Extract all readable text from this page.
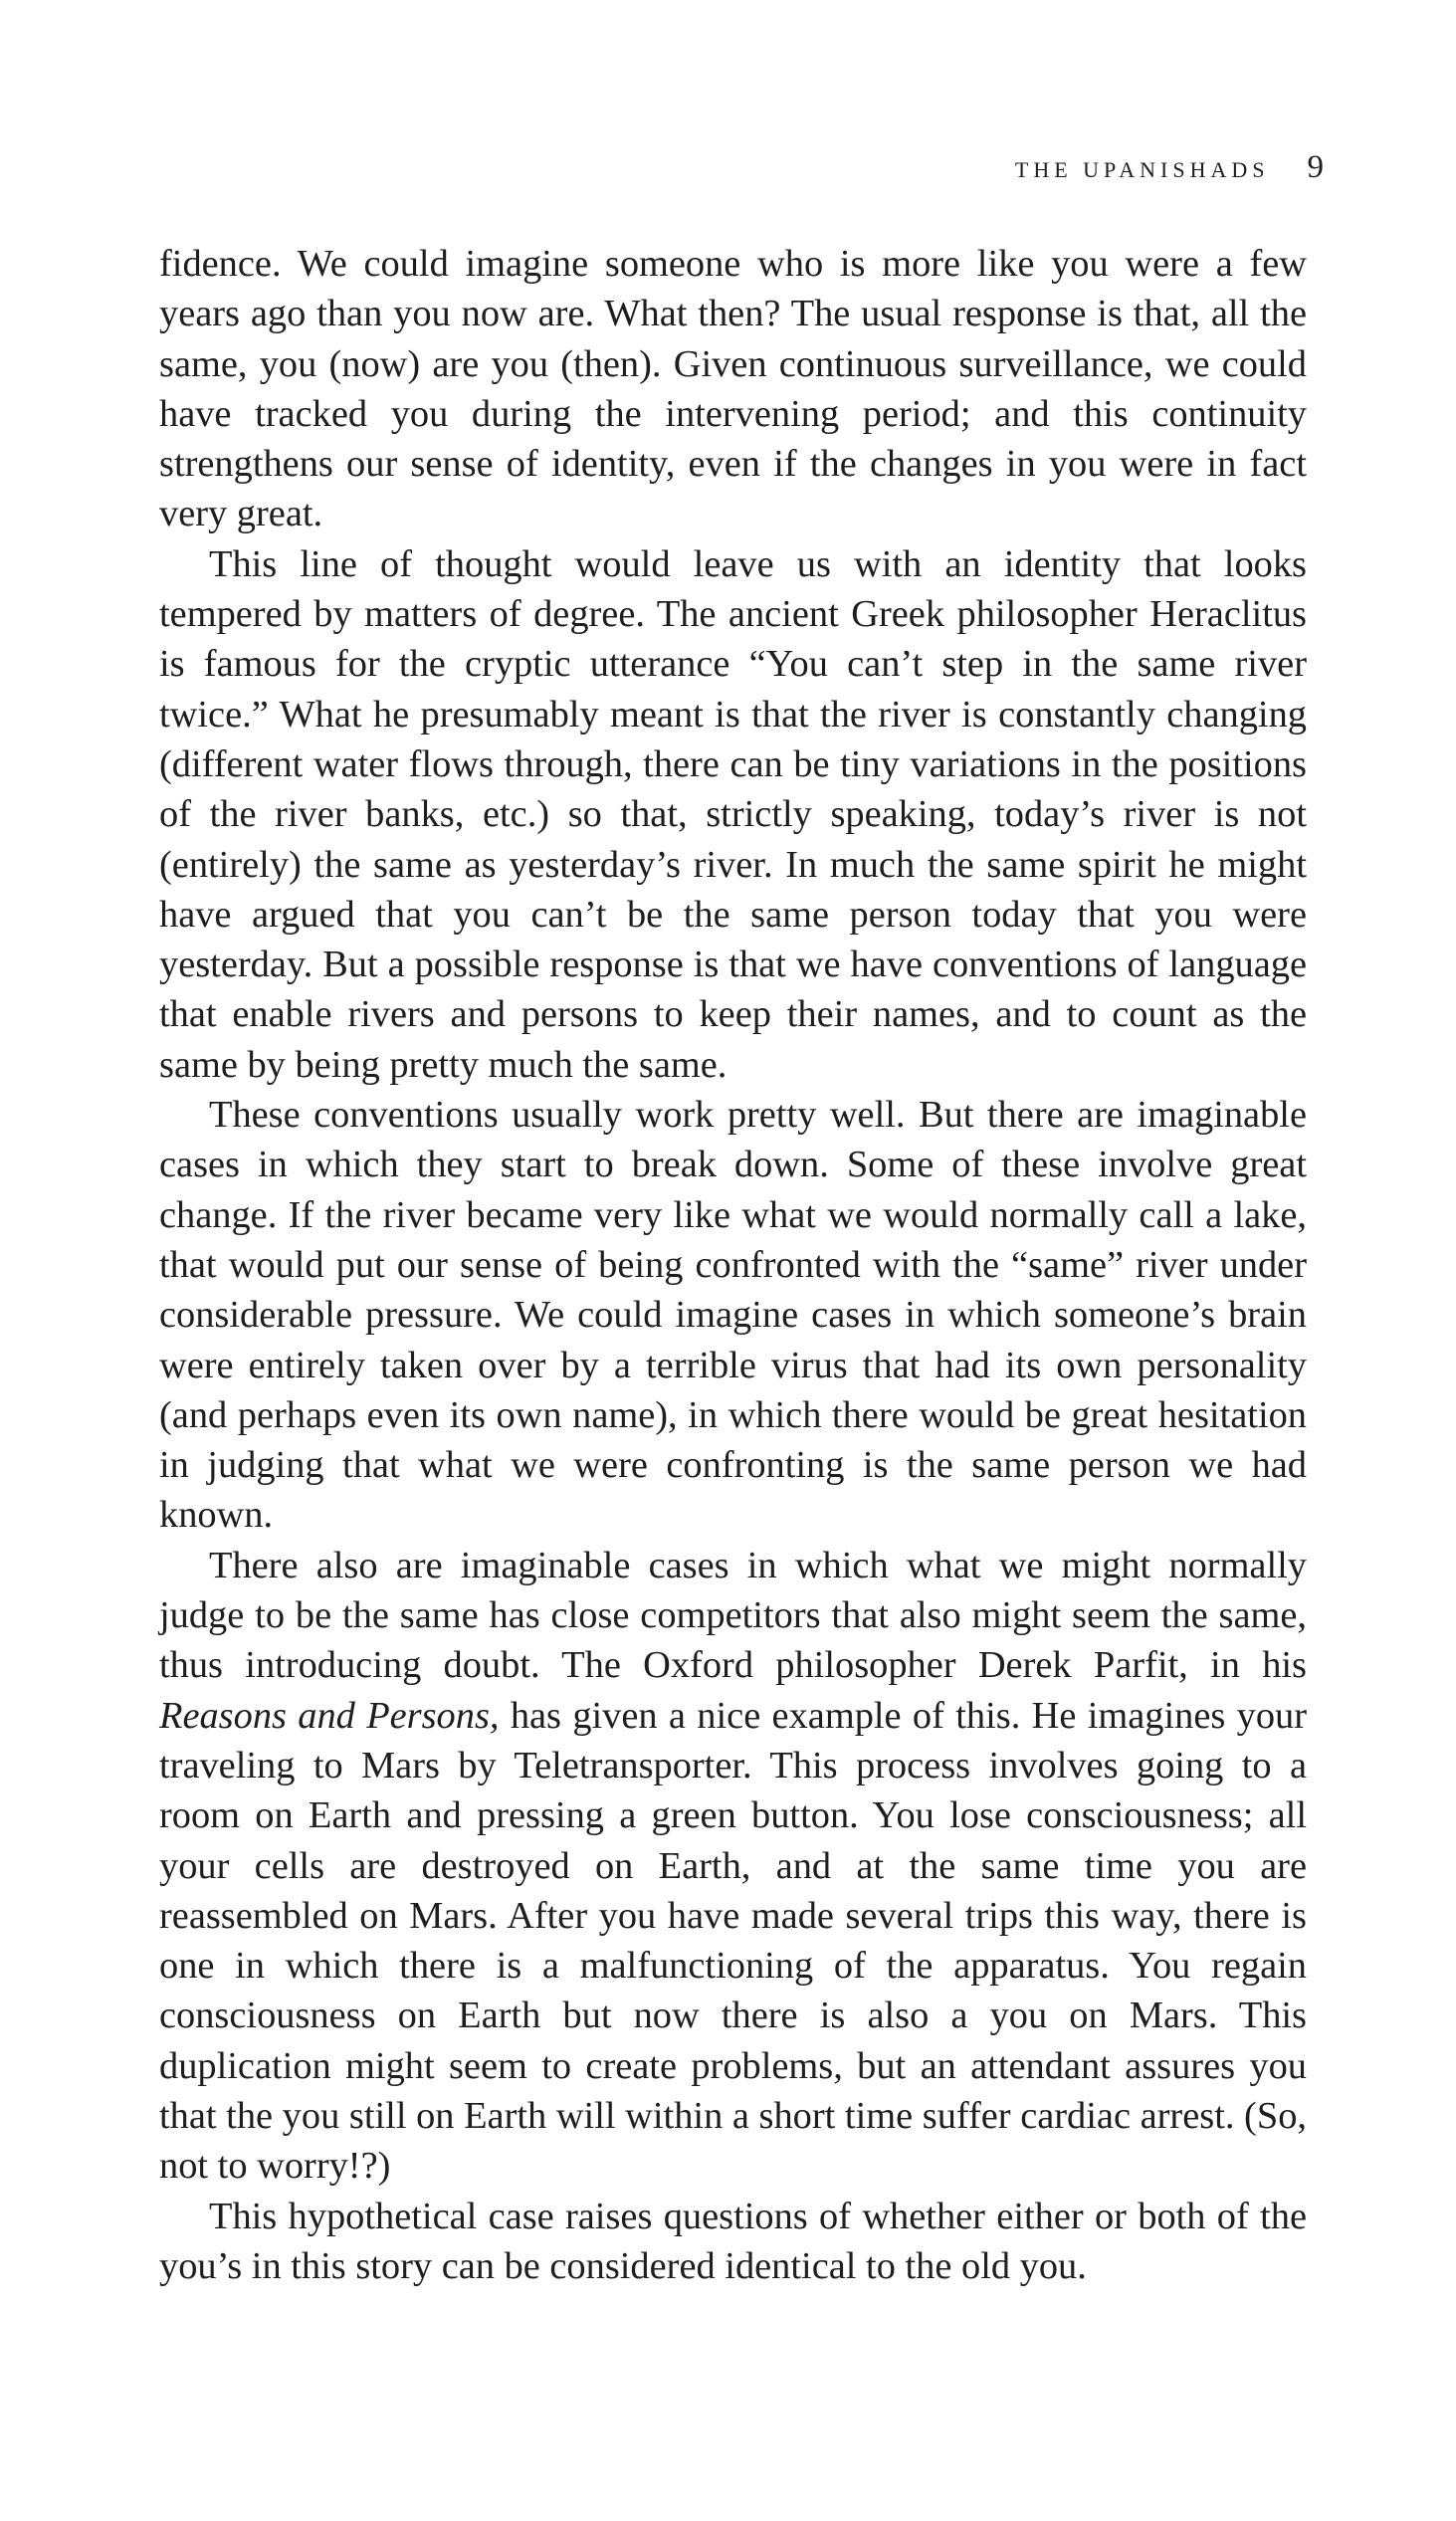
THE UPANISHADS 9

fidence. We could imagine someone who is more like you were a few years ago than you now are. What then? The usual response is that, all the same, you (now) are you (then). Given continuous surveillance, we could have tracked you during the intervening period; and this continuity strengthens our sense of identity, even if the changes in you were in fact very great.

This line of thought would leave us with an identity that looks tempered by matters of degree. The ancient Greek philosopher Heraclitus is famous for the cryptic utterance “You can’t step in the same river twice.” What he presumably meant is that the river is constantly changing (different water flows through, there can be tiny variations in the positions of the river banks, etc.) so that, strictly speaking, today’s river is not (entirely) the same as yesterday’s river. In much the same spirit he might have argued that you can’t be the same person today that you were yesterday. But a possible response is that we have conventions of language that enable rivers and persons to keep their names, and to count as the same by being pretty much the same.

These conventions usually work pretty well. But there are imaginable cases in which they start to break down. Some of these involve great change. If the river became very like what we would normally call a lake, that would put our sense of being confronted with the “same” river under considerable pressure. We could imagine cases in which someone’s brain were entirely taken over by a terrible virus that had its own personality (and perhaps even its own name), in which there would be great hesitation in judging that what we were confronting is the same person we had known.

There also are imaginable cases in which what we might normally judge to be the same has close competitors that also might seem the same, thus introducing doubt. The Oxford philosopher Derek Parfit, in his Reasons and Persons, has given a nice example of this. He imagines your traveling to Mars by Teletransporter. This process involves going to a room on Earth and pressing a green button. You lose consciousness; all your cells are destroyed on Earth, and at the same time you are reassembled on Mars. After you have made several trips this way, there is one in which there is a malfunctioning of the apparatus. You regain consciousness on Earth but now there is also a you on Mars. This duplication might seem to create problems, but an attendant assures you that the you still on Earth will within a short time suffer cardiac arrest. (So, not to worry!?)

This hypothetical case raises questions of whether either or both of the you’s in this story can be considered identical to the old you.
